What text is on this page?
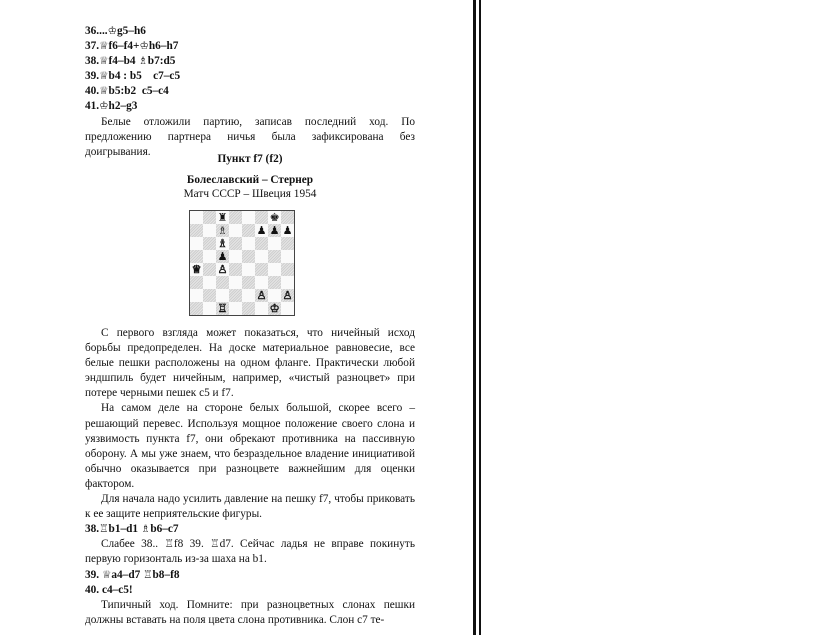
36....♔g5–h6
37.♕f6–f4+♔h6–h7
38.♕f4–b4 ♗b7:d5
39.♕b4 : b5 c7–c5
40.♕b5:b2 c5–c4
41.♔h2–g3

Белые отложили партию, записав последний ход. По предложению партнера ничья была зафиксирована без доигрывания.

Пункт f7 (f2)
Болеславский – Стернер
Матч СССР – Швеция 1954
♜	♚
♗	♟ ♟ ♟
♗
♟
♕ ♙
♙ ♙
♖	♔

С первого взгляда может показаться, что ничейный исход борьбы предопределен. На доске материальное равновесие, все белые пешки расположены на одном фланге. Практически любой эндшпиль будет ничейным, например, «чистый разноцвет» при потере черными пешек c5 и f7.

На самом деле на стороне белых большой, скорее всего – решающий перевес. Используя мощное положение своего слона и уязвимость пункта f7, они обрекают противника на пассивную оборону. А мы уже знаем, что безраздельное владение инициативой обычно оказывается при разноцвете важнейшим для оценки фактором.

Для начала надо усилить давление на пешку f7, чтобы приковать к ее защите неприятельские фигуры.

38.♖b1–d1 ♗b6–c7

Слабее 38.. ♖f8 39. ♖d7. Сейчас ладья не вправе покинуть первую горизонталь из-за шаха на b1.

39. ♕a4–d7 ♖b8–f8
40. c4–c5!

Типичный ход. Помните: при разноцветных слонах пешки должны вставать на поля цвета слона противника. Слон c7 те-
